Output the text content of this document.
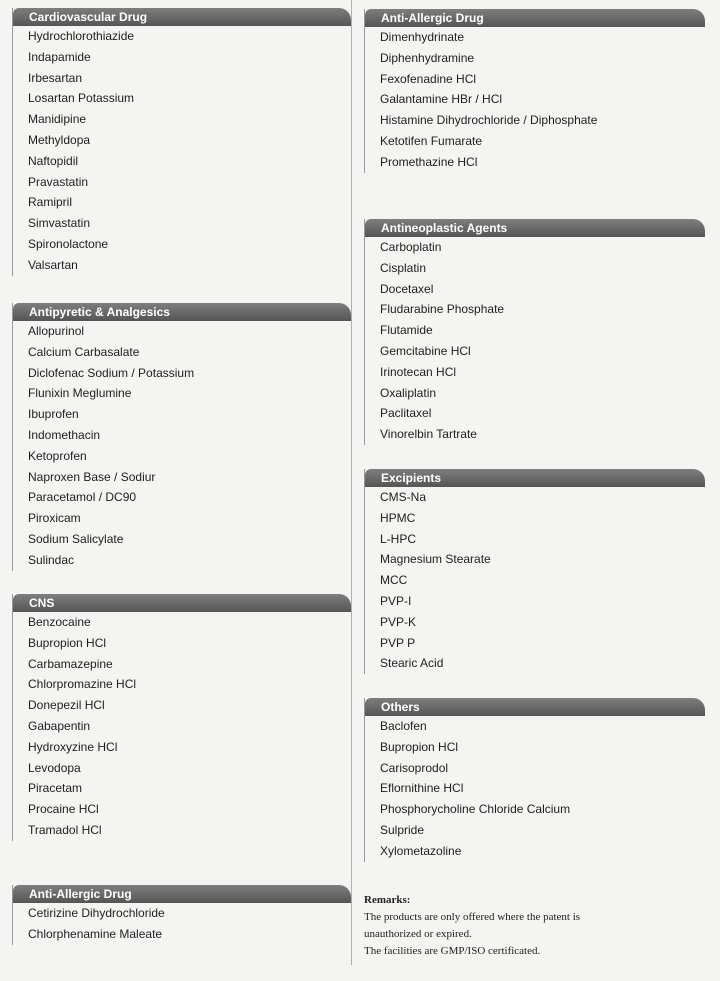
Cardiovascular Drug
Hydrochlorothiazide
Indapamide
Irbesartan
Losartan Potassium
Manidipine
Methyldopa
Naftopidil
Pravastatin
Ramipril
Simvastatin
Spironolactone
Valsartan
Antipyretic & Analgesics
Allopurinol
Calcium Carbasalate
Diclofenac Sodium / Potassium
Flunixin Meglumine
Ibuprofen
Indomethacin
Ketoprofen
Naproxen Base / Sodiur
Paracetamol / DC90
Piroxicam
Sodium Salicylate
Sulindac
CNS
Benzocaine
Bupropion HCl
Carbamazepine
Chlorpromazine HCl
Donepezil HCl
Gabapentin
Hydroxyzine HCl
Levodopa
Piracetam
Procaine HCl
Tramadol HCl
Anti-Allergic Drug
Cetirizine Dihydrochloride
Chlorphenamine Maleate
Anti-Allergic Drug
Dimenhydrinate
Diphenhydramine
Fexofenadine HCl
Galantamine HBr / HCl
Histamine Dihydrochloride / Diphosphate
Ketotifen Fumarate
Promethazine HCl
Antineoplastic Agents
Carboplatin
Cisplatin
Docetaxel
Fludarabine Phosphate
Flutamide
Gemcitabine HCl
Irinotecan HCl
Oxaliplatin
Paclitaxel
Vinorelbin Tartrate
Excipients
CMS-Na
HPMC
L-HPC
Magnesium Stearate
MCC
PVP-I
PVP-K
PVP P
Stearic Acid
Others
Baclofen
Bupropion HCl
Carisoprodol
Eflornithine HCl
Phosphorycholine Chloride Calcium
Sulpride
Xylometazoline
Remarks:
The products are only offered where the patent is
unauthorized or expired.
The facilities are GMP/ISO certificated.
